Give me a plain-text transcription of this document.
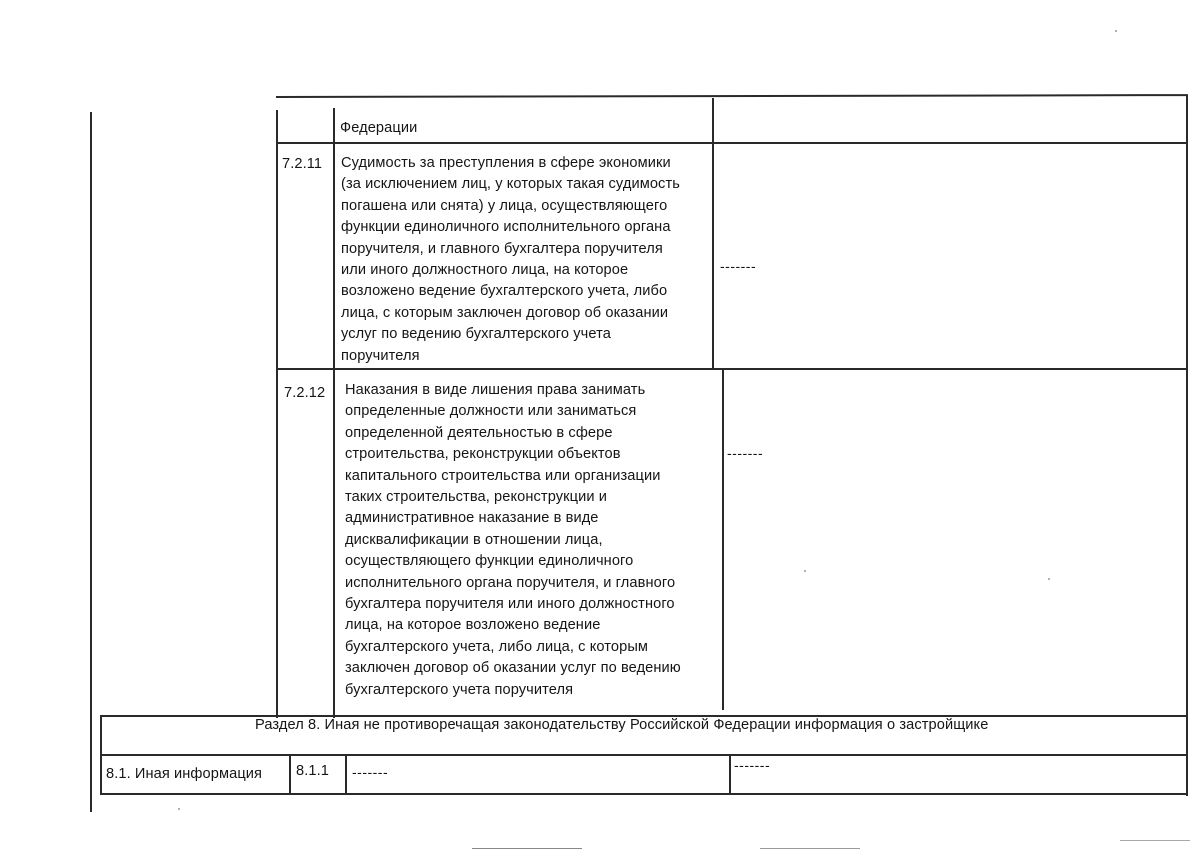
Федерации
7.2.11 Судимость за преступления в сфере экономики
(за исключением лиц, у которых такая судимость
погашена или снята) у лица, осуществляющего
функции единоличного исполнительного органа
поручителя, и главного бухгалтера поручителя
или иного должностного лица, на которое
возложено ведение бухгалтерского учета, либо
лица, с которым заключен договор об оказании
услуг по ведению бухгалтерского учета
поручителя
-------
7.2.12 Наказания в виде лишения права занимать
определенные должности или заниматься
определенной деятельностью в сфере
строительства, реконструкции объектов
капитального строительства или организации
таких строительства, реконструкции и
административное наказание в виде
дисквалификации в отношении лица,
осуществляющего функции единоличного
исполнительного органа поручителя, и главного
бухгалтера поручителя или иного должностного
лица, на которое возложено ведение
бухгалтерского учета, либо лица, с которым
заключен договор об оказании услуг по ведению
бухгалтерского учета поручителя
-------
Раздел 8. Иная не противоречащая законодательству Российской Федерации информация о застройщике
8.1. Иная информация 8.1.1 -------	-------
